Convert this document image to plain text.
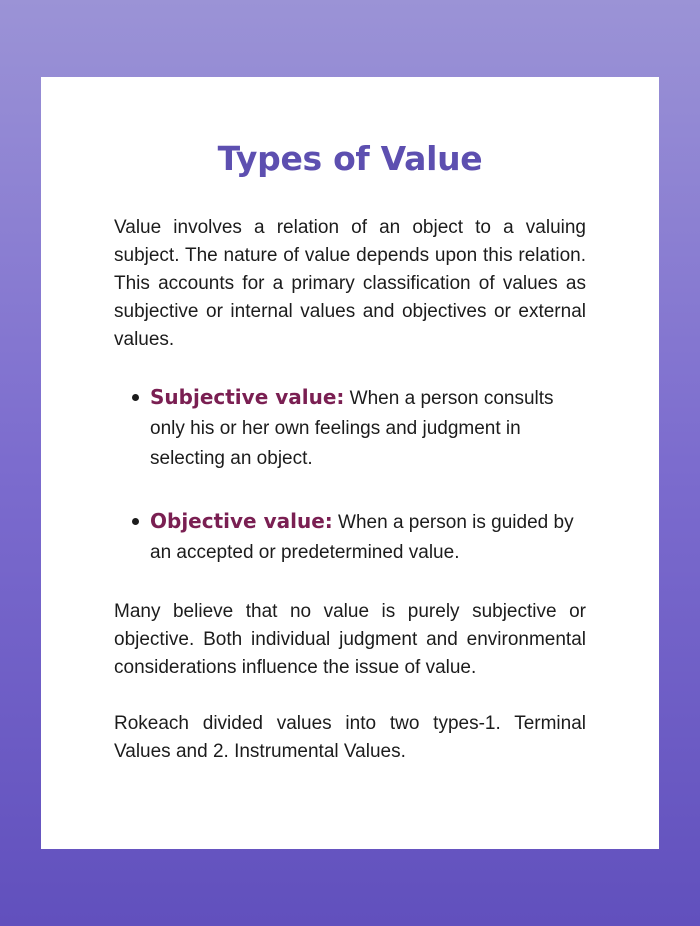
Types of Value

Value involves a relation of an object to a valuing subject. The nature of value depends upon this relation. This accounts for a primary classification of values as subjective or internal values and objectives or external values.

Subjective value: When a person consults only his or her own feelings and judgment in selecting an object.
Objective value: When a person is guided by an accepted or predetermined value.

Many believe that no value is purely subjective or objective. Both individual judgment and environmental considerations influence the issue of value.

Rokeach divided values into two types-1. Terminal Values and 2. Instrumental Values.
